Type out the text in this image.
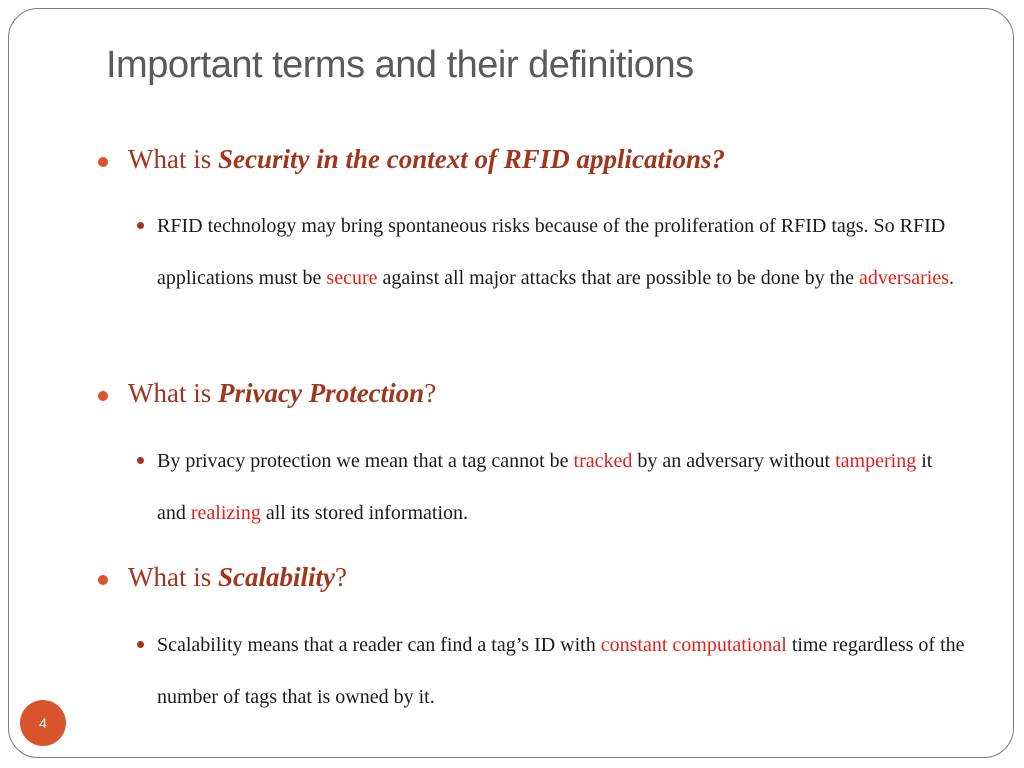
Important terms and their definitions
What is Security in the context of RFID applications?
RFID technology may bring spontaneous risks because of the proliferation of RFID tags. So RFID applications must be secure against all major attacks that are possible to be done by the adversaries.
What is Privacy Protection?
By privacy protection we mean that a tag cannot be tracked by an adversary without tampering it and realizing all its stored information.
What is Scalability?
Scalability means that a reader can find a tag’s ID with constant computational time regardless of the number of tags that is owned by it.
4
